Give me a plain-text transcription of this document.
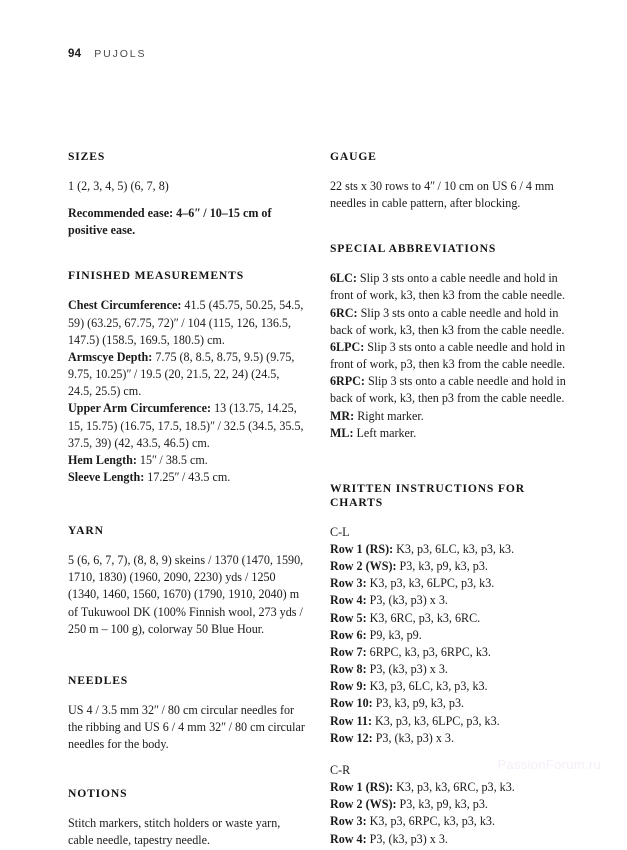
94 PUJOLS
SIZES

1 (2, 3, 4, 5) (6, 7, 8)

Recommended ease: 4–6ʺ / 10–15 cm of positive ease.

FINISHED MEASUREMENTS
Chest Circumference: 41.5 (45.75, 50.25, 54.5, 59) (63.25, 67.75, 72)ʺ / 104 (115, 126, 136.5, 147.5) (158.5, 169.5, 180.5) cm.
Armscye Depth: 7.75 (8, 8.5, 8.75, 9.5) (9.75, 9.75, 10.25)ʺ / 19.5 (20, 21.5, 22, 24) (24.5, 24.5, 25.5) cm.
Upper Arm Circumference: 13 (13.75, 14.25, 15, 15.75) (16.75, 17.5, 18.5)ʺ / 32.5 (34.5, 35.5, 37.5, 39) (42, 43.5, 46.5) cm.
Hem Length: 15ʺ / 38.5 cm.
Sleeve Length: 17.25ʺ / 43.5 cm.
YARN

5 (6, 6, 7, 7), (8, 8, 9) skeins / 1370 (1470, 1590, 1710, 1830) (1960, 2090, 2230) yds / 1250 (1340, 1460, 1560, 1670) (1790, 1910, 2040) m of Tukuwool DK (100% Finnish wool, 273 yds / 250 m – 100 g), colorway 50 Blue Hour.

NEEDLES

US 4 / 3.5 mm 32ʺ / 80 cm circular needles for the ribbing and US 6 / 4 mm 32ʺ / 80 cm circular needles for the body.

NOTIONS

Stitch markers, stitch holders or waste yarn, cable needle, tapestry needle.

GAUGE

22 sts x 30 rows to 4ʺ / 10 cm on US 6 / 4 mm needles in cable pattern, after blocking.

SPECIAL ABBREVIATIONS
6LC: Slip 3 sts onto a cable needle and hold in front of work, k3, then k3 from the cable needle.
6RC: Slip 3 sts onto a cable needle and hold in back of work, k3, then k3 from the cable needle.
6LPC: Slip 3 sts onto a cable needle and hold in front of work, p3, then k3 from the cable needle.
6RPC: Slip 3 sts onto a cable needle and hold in back of work, k3, then p3 from the cable needle.
MR: Right marker.
ML: Left marker.
WRITTEN INSTRUCTIONS FOR CHARTS

C-L

Row 1 (RS): K3, p3, 6LC, k3, p3, k3.

Row 2 (WS): P3, k3, p9, k3, p3.

Row 3: K3, p3, k3, 6LPC, p3, k3.

Row 4: P3, (k3, p3) x 3.

Row 5: K3, 6RC, p3, k3, 6RC.

Row 6: P9, k3, p9.

Row 7: 6RPC, k3, p3, 6RPC, k3.

Row 8: P3, (k3, p3) x 3.

Row 9: K3, p3, 6LC, k3, p3, k3.

Row 10: P3, k3, p9, k3, p3.

Row 11: K3, p3, k3, 6LPC, p3, k3.

Row 12: P3, (k3, p3) x 3.

C-R

Row 1 (RS): K3, p3, k3, 6RC, p3, k3.

Row 2 (WS): P3, k3, p9, k3, p3.

Row 3: K3, p3, 6RPC, k3, p3, k3.

Row 4: P3, (k3, p3) x 3.

PassionForum.ru
